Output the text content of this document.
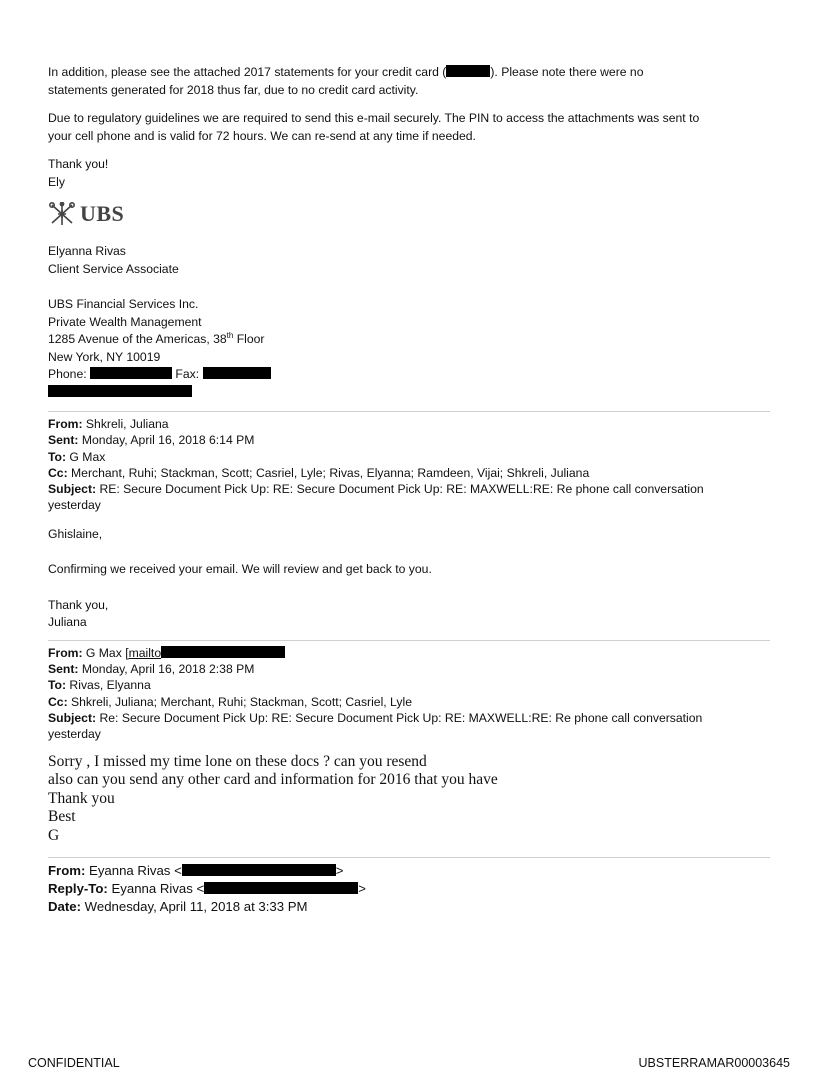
In addition, please see the attached 2017 statements for your credit card (	). Please note there were no
statements generated for 2018 thus far, due to no credit card activity.
Due to regulatory guidelines we are required to send this e-mail securely. The PIN to access the attachments was sent to
your cell phone and is valid for 72 hours. We can re-send at any time if needed.
Thank you!
Ely
UBS
Elyanna Rivas
Client Service Associate
UBS Financial Services Inc.
Private Wealth Management
1285 Avenue of the Americas, 38th Floor
New York, NY 10019
Phone:	Fax:
From: Shkreli, Juliana
Sent: Monday, April 16, 2018 6:14 PM
To: G Max
Cc: Merchant, Ruhi; Stackman, Scott; Casriel, Lyle; Rivas, Elyanna; Ramdeen, Vijai; Shkreli, Juliana
Subject: RE: Secure Document Pick Up: RE: Secure Document Pick Up: RE: MAXWELL:RE: Re phone call conversation
yesterday
Ghislaine,
Confirming we received your email. We will review and get back to you.
Thank you,
Juliana
From: G Max [mailto
Sent: Monday, April 16, 2018 2:38 PM
To: Rivas, Elyanna
Cc: Shkreli, Juliana; Merchant, Ruhi; Stackman, Scott; Casriel, Lyle
Subject: Re: Secure Document Pick Up: RE: Secure Document Pick Up: RE: MAXWELL:RE: Re phone call conversation
yesterday
Sorry , I missed my time lone on these docs ? can you resend
also can you send any other card and information for 2016 that you have
Thank you
Best
G
From: Eyanna Rivas <	>
Reply-To: Eyanna Rivas <	>
Date: Wednesday, April 11, 2018 at 3:33 PM
CONFIDENTIAL	UBSTERRAMAR00003645
